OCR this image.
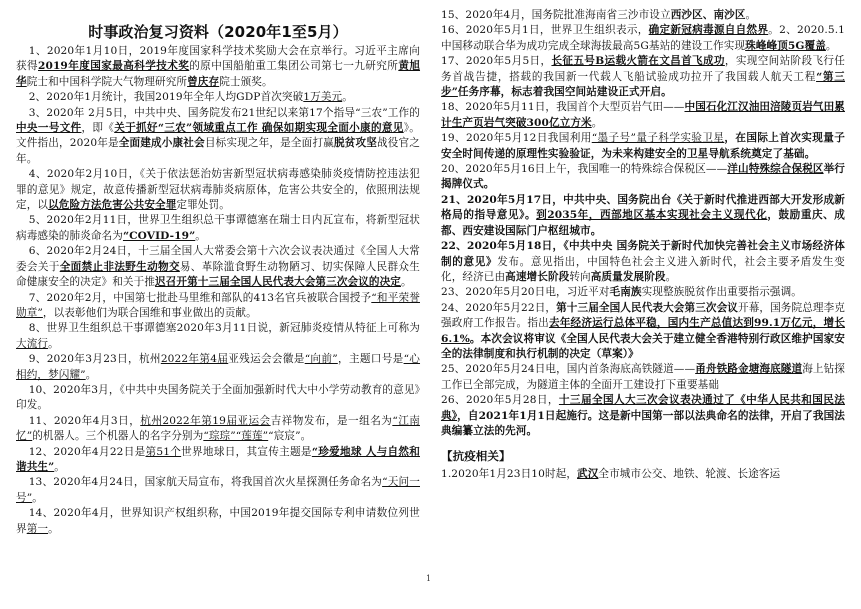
时事政治复习资料（2020年1至5月）

1、2020年1月10日，2019年度国家科学技术奖励大会在京举行。习近平主席向获得2019年度国家最高科学技术奖的原中国船舶重工集团公司第七一九研究所黄旭华院士和中国科学院大气物理研究所曾庆存院士颁奖。

2、2020年1月统计，我国2019年全年人均GDP首次突破1万美元。

3、2020年 2月5日，中共中央、国务院发布21世纪以来第17个指导“三农”工作的中央一号文件，即《关于抓好“三农”领域重点工作 确保如期实现全面小康的意见》。文件指出，2020年是全面建成小康社会目标实现之年，是全面打赢脱贫攻坚战役官之年。

4、2020年2月10日，《关于依法惩治妨害新型冠状病毒感染肺炎疫情防控违法犯罪的意见》规定，故意传播新型冠状病毒肺炎病原体，危害公共安全的，依照刑法规定，以以危险方法危害公共安全罪定罪处罚。

5、2020年2月11日，世界卫生组织总干事谭德塞在瑞士日内瓦宣布，将新型冠状病毒感染的肺炎命名为“COVID-19”。

6、2020年2月24日，十三届全国人大常委会第十六次会议表决通过《全国人大常委会关于全面禁止非法野生动物交易、革除滥食野生动物陋习、切实保障人民群众生命健康安全的决定》和关于推迟召开第十三届全国人民代表大会第三次会议的决定。

7、2020年2月，中国第七批赴马里维和部队的413名官兵被联合国授予“和平荣誉勋章”，以表彰他们为联合国维和事业做出的贡献。

8、世界卫生组织总干事谭德塞2020年3月11日说，新冠肺炎疫情从特征上可称为大流行。

9、2020年3月23日，杭州2022年第4届亚残运会会徽是“向前”，主题口号是“心相约，梦闪耀”。

10、2020年3月，《中共中央国务院关于全面加强新时代大中小学劳动教育的意见》印发。

11、2020年4月3日，杭州2022年第19届亚运会吉祥物发布，是一组名为“江南忆”的机器人。三个机器人的名字分别为“琮琮”“莲莲”“宸宸”。

12、2020年4月22日是第51个世界地球日，其宣传主题是“珍爱地球 人与自然和谐共生”。

13、2020年4月24日，国家航天局宣布，将我国首次火星探测任务命名为“天问一号”。

14、2020年4月，世界知识产权组织称，中国2019年提交国际专利申请数位列世界第一。

15、2020年4月，国务院批准海南省三沙市设立西沙区、南沙区。

16、2020年5月1日，世界卫生组织表示，确定新冠病毒源自自然界。2、2020.5.1中国移动联合华为成功完成全球海拔最高5G基站的建设工作实现珠峰峰顶5G覆盖。

17、2020年5月5日，长征五号B运载火箭在文昌首飞成功，实现空间站阶段飞行任务首战告捷，搭载的我国新一代载人飞船试验成功拉开了我国载人航天工程“第三步”任务序幕，标志着我国空间站建设正式开启。

18、2020年5月11日，我国首个大型页岩气田——中国石化江汉油田涪陵页岩气田累计生产页岩气突破300亿立方米。

19、2020年5月12日我国利用“墨子号”量子科学实验卫星，在国际上首次实现量子安全时间传递的原理性实验验证，为未来构建安全的卫星导航系统奠定了基础。

20、2020年5月16日上午，我国唯一的特殊综合保税区——洋山特殊综合保税区举行揭牌仪式。

21、2020年5月17日，中共中央、国务院出台《关于新时代推进西部大开发形成新格局的指导意见》。到2035年，西部地区基本实现社会主义现代化，鼓励重庆、成都、西安建设国际门户枢纽城市。

22、2020年5月18日，《中共中央 国务院关于新时代加快完善社会主义市场经济体制的意见》发布。意见指出，中国特色社会主义进入新时代，社会主要矛盾发生变化，经济已由高速增长阶段转向高质量发展阶段。

23、2020年5月20日电，习近平对毛南族实现整族脱贫作出重要指示强调。

24、2020年5月22日，第十三届全国人民代表大会第三次会议开幕，国务院总理李克强政府工作报告。指出去年经济运行总体平稳，国内生产总值达到99.1万亿元，增长6.1%。本次会议将审议《全国人民代表大会关于建立健全香港特别行政区维护国家安全的法律制度和执行机制的决定（草案）》

25、2020年5月24日电，国内首条海底高铁隧道——甬舟铁路金塘海底隧道海上钻探工作已全部完成，为隧道主体的全面开工建设打下重要基础

26、2020年5月28日，十三届全国人大三次会议表决通过了《中华人民共和国民法典》，自2021年1月1日起施行。这是新中国第一部以法典命名的法律，开启了我国法典编纂立法的先河。

【抗疫相关】

1.2020年1月23日10时起，武汉全市城市公交、地铁、轮渡、长途客运

1
